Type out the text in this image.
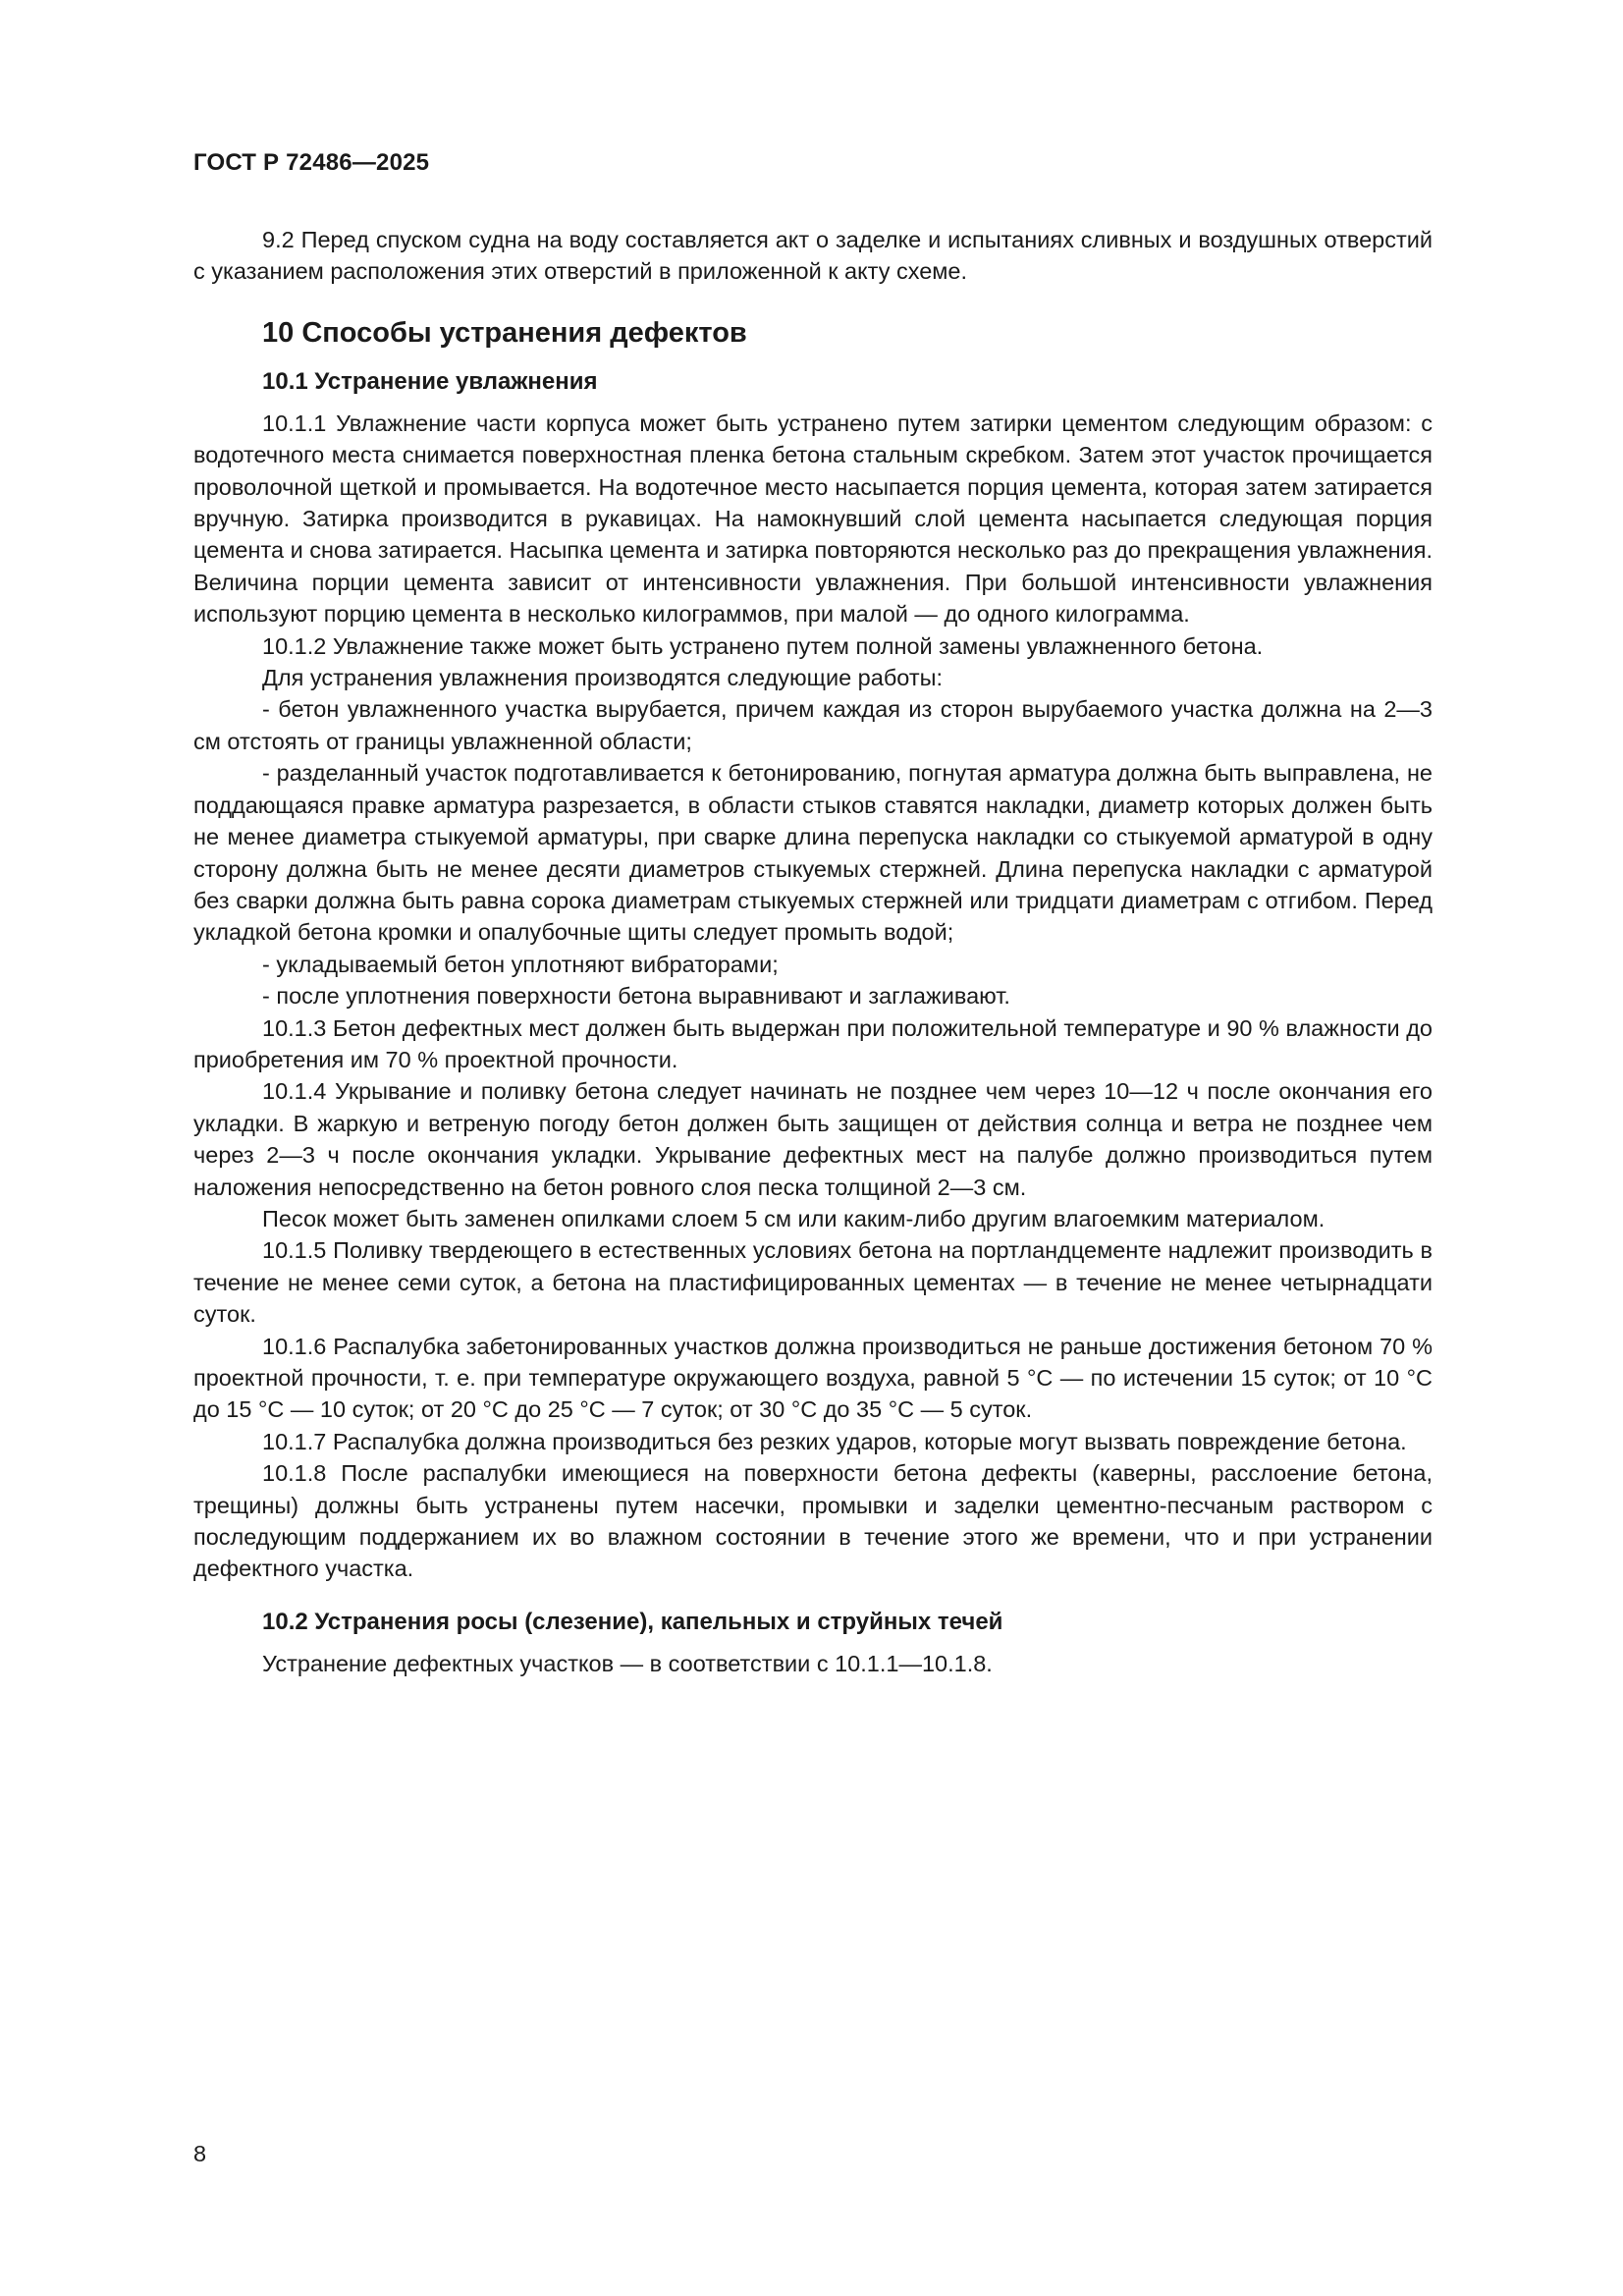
ГОСТ Р 72486—2025

9.2 Перед спуском судна на воду составляется акт о заделке и испытаниях сливных и воздушных отверстий с указанием расположения этих отверстий в приложенной к акту схеме.

10 Способы устранения дефектов
10.1 Устранение увлажнения

10.1.1 Увлажнение части корпуса может быть устранено путем затирки цементом следующим образом: с водотечного места снимается поверхностная пленка бетона стальным скребком. Затем этот участок прочищается проволочной щеткой и промывается. На водотечное место насыпается порция цемента, которая затем затирается вручную. Затирка производится в рукавицах. На намокнувший слой цемента насыпается следующая порция цемента и снова затирается. Насыпка цемента и затирка повторяются несколько раз до прекращения увлажнения. Величина порции цемента зависит от интенсивности увлажнения. При большой интенсивности увлажнения используют порцию цемента в несколько килограммов, при малой — до одного килограмма.

10.1.2 Увлажнение также может быть устранено путем полной замены увлажненного бетона.

Для устранения увлажнения производятся следующие работы:

- бетон увлажненного участка вырубается, причем каждая из сторон вырубаемого участка должна на 2—3 см отстоять от границы увлажненной области;

- разделанный участок подготавливается к бетонированию, погнутая арматура должна быть выправлена, не поддающаяся правке арматура разрезается, в области стыков ставятся накладки, диаметр которых должен быть не менее диаметра стыкуемой арматуры, при сварке длина перепуска накладки со стыкуемой арматурой в одну сторону должна быть не менее десяти диаметров стыкуемых стержней. Длина перепуска накладки с арматурой без сварки должна быть равна сорока диаметрам стыкуемых стержней или тридцати диаметрам с отгибом. Перед укладкой бетона кромки и опалубочные щиты следует промыть водой;

- укладываемый бетон уплотняют вибраторами;

- после уплотнения поверхности бетона выравнивают и заглаживают.

10.1.3 Бетон дефектных мест должен быть выдержан при положительной температуре и 90 % влажности до приобретения им 70 % проектной прочности.

10.1.4 Укрывание и поливку бетона следует начинать не позднее чем через 10—12 ч после окончания его укладки. В жаркую и ветреную погоду бетон должен быть защищен от действия солнца и ветра не позднее чем через 2—3 ч после окончания укладки. Укрывание дефектных мест на палубе должно производиться путем наложения непосредственно на бетон ровного слоя песка толщиной 2—3 см.

Песок может быть заменен опилками слоем 5 см или каким-либо другим влагоемким материалом.

10.1.5 Поливку твердеющего в естественных условиях бетона на портландцементе надлежит производить в течение не менее семи суток, а бетона на пластифицированных цементах — в течение не менее четырнадцати суток.

10.1.6 Распалубка забетонированных участков должна производиться не раньше достижения бетоном 70 % проектной прочности, т. е. при температуре окружающего воздуха, равной 5 °С — по истечении 15 суток; от 10 °С до 15 °С — 10 суток; от 20 °С до 25 °С — 7 суток; от 30 °С до 35 °С — 5 суток.

10.1.7 Распалубка должна производиться без резких ударов, которые могут вызвать повреждение бетона.

10.1.8 После распалубки имеющиеся на поверхности бетона дефекты (каверны, расслоение бетона, трещины) должны быть устранены путем насечки, промывки и заделки цементно-песчаным раствором с последующим поддержанием их во влажном состоянии в течение этого же времени, что и при устранении дефектного участка.

10.2 Устранения росы (слезение), капельных и струйных течей

Устранение дефектных участков — в соответствии с 10.1.1—10.1.8.

8
